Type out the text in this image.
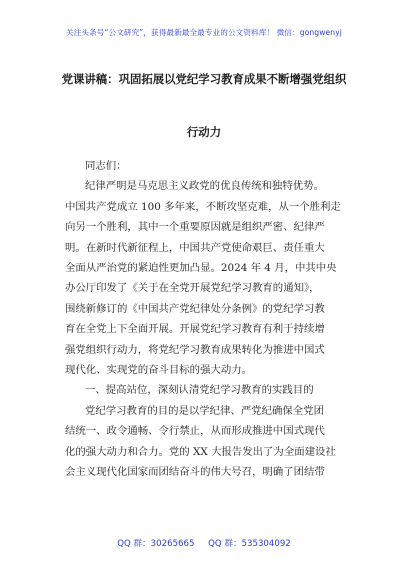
关注头条号“公文研究”，获得最新最全最专业的公文资料库！ 微信：gongwenyj
党课讲稿：巩固拓展以党纪学习教育成果不断增强党组织
行动力

同志们：

纪律严明是马克思主义政党的优良传统和独特优势。

中国共产党成立 100 多年来，不断攻坚克难，从一个胜利走

向另一个胜利，其中一个重要原因就是组织严密、纪律严

明。在新时代新征程上，中国共产党使命艰巨、责任重大

全面从严治党的紧迫性更加凸显。2024 年 4 月，中共中央

办公厅印发了《关于在全党开展党纪学习教育的通知》，

围绕新修订的《中国共产党纪律处分条例》的党纪学习教

育在全党上下全面开展。开展党纪学习教育有利于持续增

强党组织行动力，将党纪学习教育成果转化为推进中国式

现代化、实现党的奋斗目标的强大动力。

一、提高站位，深刻认清党纪学习教育的实践目的

党纪学习教育的目的是以学纪律、严党纪确保全党团

结统一、政令通畅、令行禁止，从而形成推进中国式现代

化的强大动力和合力。党的 XX 大报告发出了为全面建设社

会主义现代化国家而团结奋斗的伟大号召，明确了团结带

QQ 群：30265665 QQ 群：535304092
